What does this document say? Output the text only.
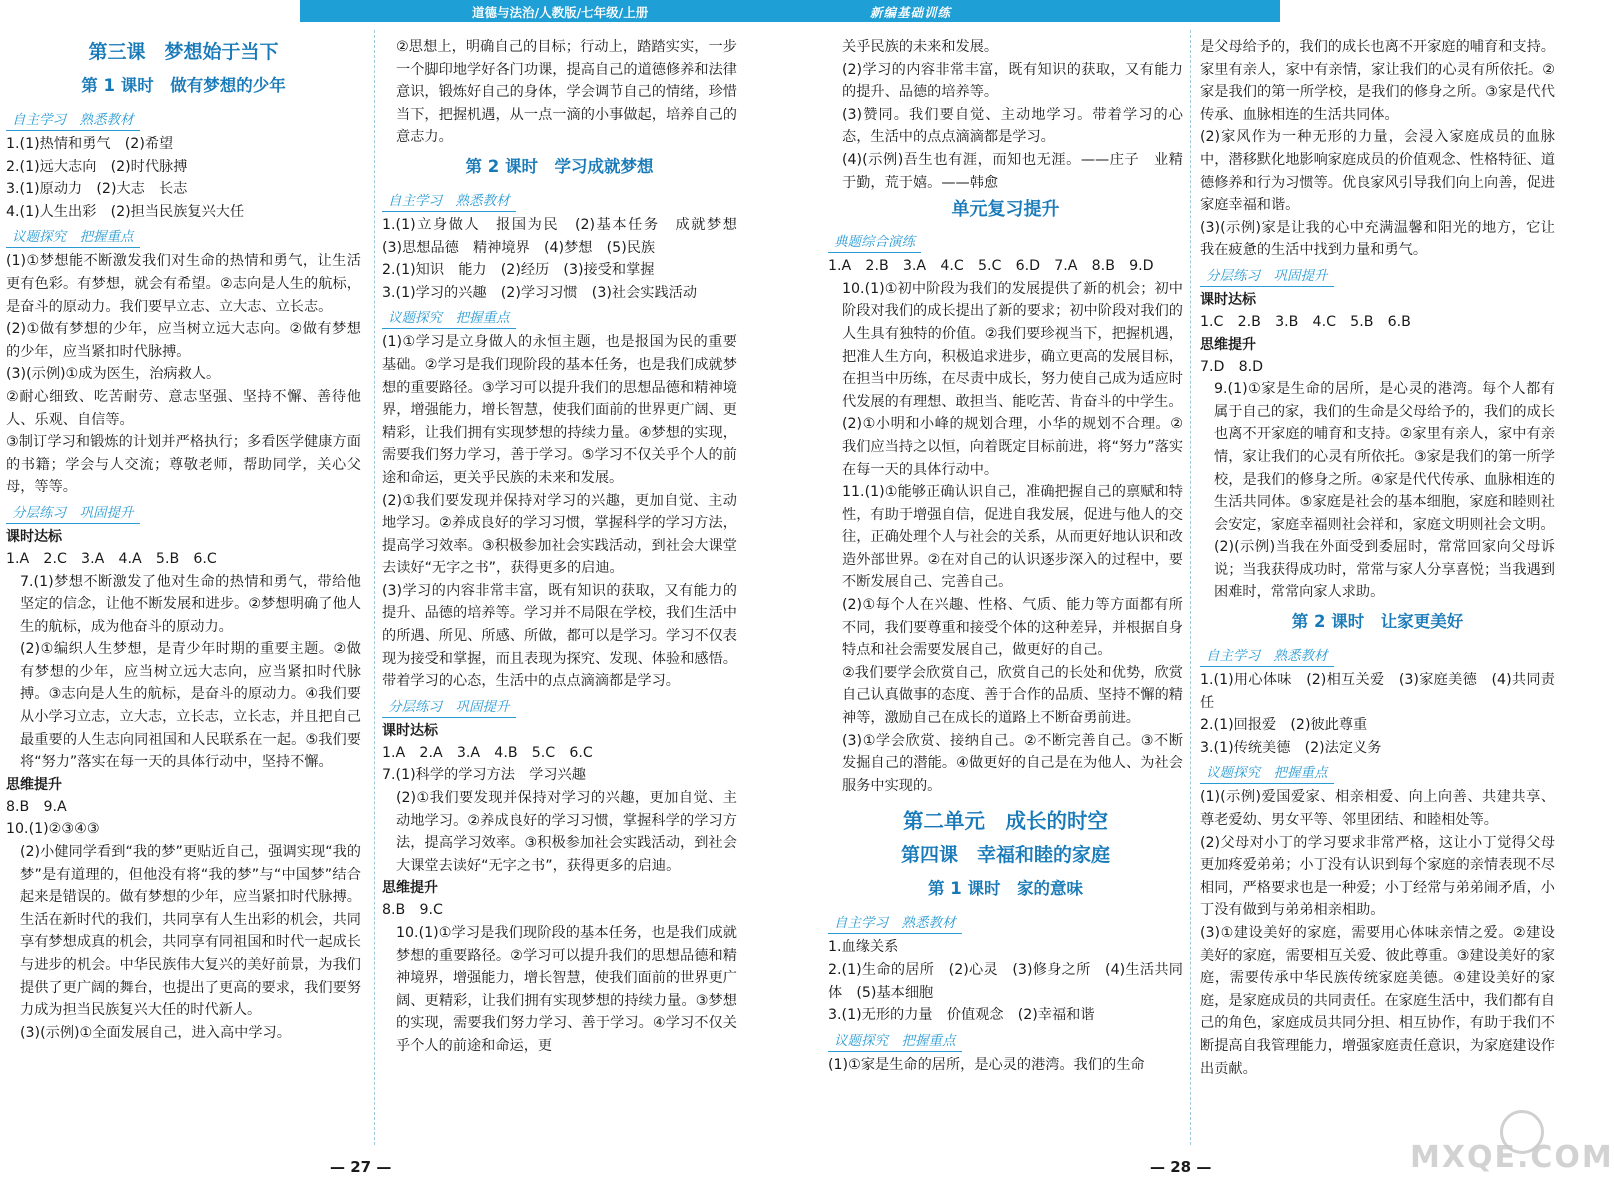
道德与法治/人教版/七年级/上册	新编基础训练
第三课　梦想始于当下
第 1 课时　做有梦想的少年
自主学习　熟悉教材

1.(1)热情和勇气　(2)希望

2.(1)远大志向　(2)时代脉搏

3.(1)原动力　(2)大志　长志

4.(1)人生出彩　(2)担当民族复兴大任

议题探究　把握重点

(1)①梦想能不断激发我们对生命的热情和勇气，让生活更有色彩。有梦想，就会有希望。②志向是人生的航标，是奋斗的原动力。我们要早立志、立大志、立长志。

(2)①做有梦想的少年，应当树立远大志向。②做有梦想的少年，应当紧扣时代脉搏。

(3)(示例)①成为医生，治病救人。

②耐心细致、吃苦耐劳、意志坚强、坚持不懈、善待他人、乐观、自信等。

③制订学习和锻炼的计划并严格执行；多看医学健康方面的书籍；学会与人交流；尊敬老师，帮助同学，关心父母，等等。

分层练习　巩固提升
课时达标

1.A　2.C　3.A　4.A　5.B　6.C

7.(1)梦想不断激发了他对生命的热情和勇气，带给他坚定的信念，让他不断发展和进步。②梦想明确了他人生的航标，成为他奋斗的原动力。

(2)①编织人生梦想，是青少年时期的重要主题。②做有梦想的少年，应当树立远大志向，应当紧扣时代脉搏。③志向是人生的航标，是奋斗的原动力。④我们要从小学习立志，立大志，立长志，立长志，并且把自己最重要的人生志向同祖国和人民联系在一起。⑤我们要将“努力”落实在每一天的具体行动中，坚持不懈。

思维提升

8.B　9.A

10.(1)②③④③

(2)小健同学看到“我的梦”更贴近自己，强调实现“我的梦”是有道理的，但他没有将“我的梦”与“中国梦”结合起来是错误的。做有梦想的少年，应当紧扣时代脉搏。生活在新时代的我们，共同享有人生出彩的机会，共同享有梦想成真的机会，共同享有同祖国和时代一起成长与进步的机会。中华民族伟大复兴的美好前景，为我们提供了更广阔的舞台，也提出了更高的要求，我们要努力成为担当民族复兴大任的时代新人。

(3)(示例)①全面发展自己，进入高中学习。

②思想上，明确自己的目标；行动上，踏踏实实，一步一个脚印地学好各门功课，提高自己的道德修养和法律意识，锻炼好自己的身体，学会调节自己的情绪，珍惜当下，把握机遇，从一点一滴的小事做起，培养自己的意志力。

第 2 课时　学习成就梦想
自主学习　熟悉教材

1.(1)立身做人　报国为民　(2)基本任务　成就梦想　(3)思想品德　精神境界　(4)梦想　(5)民族

2.(1)知识　能力　(2)经历　(3)接受和掌握

3.(1)学习的兴趣　(2)学习习惯　(3)社会实践活动

议题探究　把握重点

(1)①学习是立身做人的永恒主题，也是报国为民的重要基础。②学习是我们现阶段的基本任务，也是我们成就梦想的重要路径。③学习可以提升我们的思想品德和精神境界，增强能力，增长智慧，使我们面前的世界更广阔、更精彩，让我们拥有实现梦想的持续力量。④梦想的实现，需要我们努力学习，善于学习。⑤学习不仅关乎个人的前途和命运，更关乎民族的未来和发展。

(2)①我们要发现并保持对学习的兴趣，更加自觉、主动地学习。②养成良好的学习习惯，掌握科学的学习方法，提高学习效率。③积极参加社会实践活动，到社会大课堂去读好“无字之书”，获得更多的启迪。

(3)学习的内容非常丰富，既有知识的获取，又有能力的提升、品德的培养等。学习并不局限在学校，我们生活中的所遇、所见、所感、所做，都可以是学习。学习不仅表现为接受和掌握，而且表现为探究、发现、体验和感悟。带着学习的心态，生活中的点点滴滴都是学习。

分层练习　巩固提升
课时达标

1.A　2.A　3.A　4.B　5.C　6.C

7.(1)科学的学习方法　学习兴趣

(2)①我们要发现并保持对学习的兴趣，更加自觉、主动地学习。②养成良好的学习习惯，掌握科学的学习方法，提高学习效率。③积极参加社会实践活动，到社会大课堂去读好“无字之书”，获得更多的启迪。

思维提升

8.B　9.C

10.(1)①学习是我们现阶段的基本任务，也是我们成就梦想的重要路径。②学习可以提升我们的思想品德和精神境界，增强能力，增长智慧，使我们面前的世界更广阔、更精彩，让我们拥有实现梦想的持续力量。③梦想的实现，需要我们努力学习、善于学习。④学习不仅关乎个人的前途和命运，更

关乎民族的未来和发展。

(2)学习的内容非常丰富，既有知识的获取，又有能力的提升、品德的培养等。

(3)赞同。我们要自觉、主动地学习。带着学习的心态，生活中的点点滴滴都是学习。

(4)(示例)吾生也有涯，而知也无涯。——庄子　业精于勤，荒于嬉。——韩愈

单元复习提升
典题综合演练

1.A　2.B　3.A　4.C　5.C　6.D　7.A　8.B　9.D

10.(1)①初中阶段为我们的发展提供了新的机会；初中阶段对我们的成长提出了新的要求；初中阶段对我们的人生具有独特的价值。②我们要珍视当下，把握机遇，把准人生方向，积极追求进步，确立更高的发展目标，在担当中历练，在尽责中成长，努力使自己成为适应时代发展的有理想、敢担当、能吃苦、肯奋斗的中学生。

(2)①小明和小峰的规划合理，小华的规划不合理。②我们应当持之以恒，向着既定目标前进，将“努力”落实在每一天的具体行动中。

11.(1)①能够正确认识自己，准确把握自己的禀赋和特性，有助于增强自信，促进自我发展，促进与他人的交往，正确处理个人与社会的关系，从而更好地认识和改造外部世界。②在对自己的认识逐步深入的过程中，要不断发展自己、完善自己。

(2)①每个人在兴趣、性格、气质、能力等方面都有所不同，我们要尊重和接受个体的这种差异，并根据自身特点和社会需要发展自己，做更好的自己。

②我们要学会欣赏自己，欣赏自己的长处和优势，欣赏自己认真做事的态度、善于合作的品质、坚持不懈的精神等，激励自己在成长的道路上不断奋勇前进。

(3)①学会欣赏、接纳自己。②不断完善自己。③不断发掘自己的潜能。④做更好的自己是在为他人、为社会服务中实现的。

第二单元　成长的时空
第四课　幸福和睦的家庭
第 1 课时　家的意味
自主学习　熟悉教材

1.血缘关系

2.(1)生命的居所　(2)心灵　(3)修身之所　(4)生活共同体　(5)基本细胞

3.(1)无形的力量　价值观念　(2)幸福和谐

议题探究　把握重点

(1)①家是生命的居所，是心灵的港湾。我们的生命

是父母给予的，我们的成长也离不开家庭的哺育和支持。家里有亲人，家中有亲情，家让我们的心灵有所依托。②家是我们的第一所学校，是我们的修身之所。③家是代代传承、血脉相连的生活共同体。

(2)家风作为一种无形的力量，会浸入家庭成员的血脉中，潜移默化地影响家庭成员的价值观念、性格特征、道德修养和行为习惯等。优良家风引导我们向上向善，促进家庭幸福和谐。

(3)(示例)家是让我的心中充满温馨和阳光的地方，它让我在疲惫的生活中找到力量和勇气。

分层练习　巩固提升
课时达标

1.C　2.B　3.B　4.C　5.B　6.B

思维提升

7.D　8.D

9.(1)①家是生命的居所，是心灵的港湾。每个人都有属于自己的家，我们的生命是父母给予的，我们的成长也离不开家庭的哺育和支持。②家里有亲人，家中有亲情，家让我们的心灵有所依托。③家是我们的第一所学校，是我们的修身之所。④家是代代传承、血脉相连的生活共同体。⑤家庭是社会的基本细胞，家庭和睦则社会安定，家庭幸福则社会祥和，家庭文明则社会文明。

(2)(示例)当我在外面受到委屈时，常常回家向父母诉说；当我获得成功时，常常与家人分享喜悦；当我遇到困难时，常常向家人求助。

第 2 课时　让家更美好
自主学习　熟悉教材

1.(1)用心体味　(2)相互关爱　(3)家庭美德　(4)共同责任

2.(1)回报爱　(2)彼此尊重

3.(1)传统美德　(2)法定义务

议题探究　把握重点

(1)(示例)爱国爱家、相亲相爱、向上向善、共建共享、尊老爱幼、男女平等、邻里团结、和睦相处等。

(2)父母对小丁的学习要求非常严格，这让小丁觉得父母更加疼爱弟弟；小丁没有认识到每个家庭的亲情表现不尽相同，严格要求也是一种爱；小丁经常与弟弟闹矛盾，小丁没有做到与弟弟相亲相助。

(3)①建设美好的家庭，需要用心体味亲情之爱。②建设美好的家庭，需要相互关爱、彼此尊重。③建设美好的家庭，需要传承中华民族传统家庭美德。④建设美好的家庭，是家庭成员的共同责任。在家庭生活中，我们都有自己的角色，家庭成员共同分担、相互协作，有助于我们不断提高自我管理能力，增强家庭责任意识，为家庭建设作出贡献。

— 27 —	— 28 —	MXQE.COM
